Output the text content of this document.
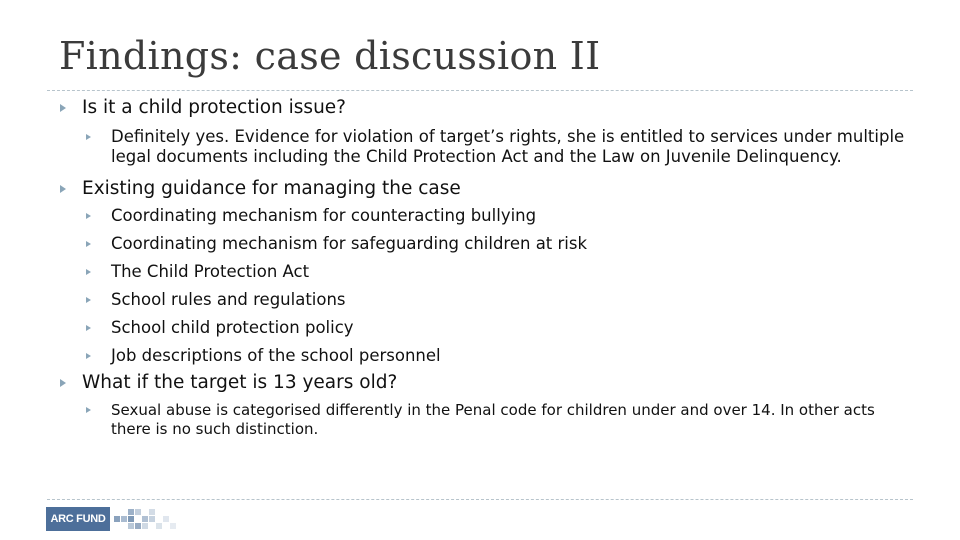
Findings: case discussion II
Is it a child protection issue?
Definitely yes. Evidence for violation of target’s rights, she is entitled to services under multiple legal documents including the Child Protection Act and the Law on Juvenile Delinquency.
Existing guidance for managing the case
Coordinating mechanism for counteracting bullying
Coordinating mechanism for safeguarding children at risk
The Child Protection Act
School rules and regulations
School child protection policy
Job descriptions of the school personnel
What if the target is 13 years old?
Sexual abuse is categorised differently in the Penal code for children under and over 14. In other acts there is no such distinction.
ARC FUND
